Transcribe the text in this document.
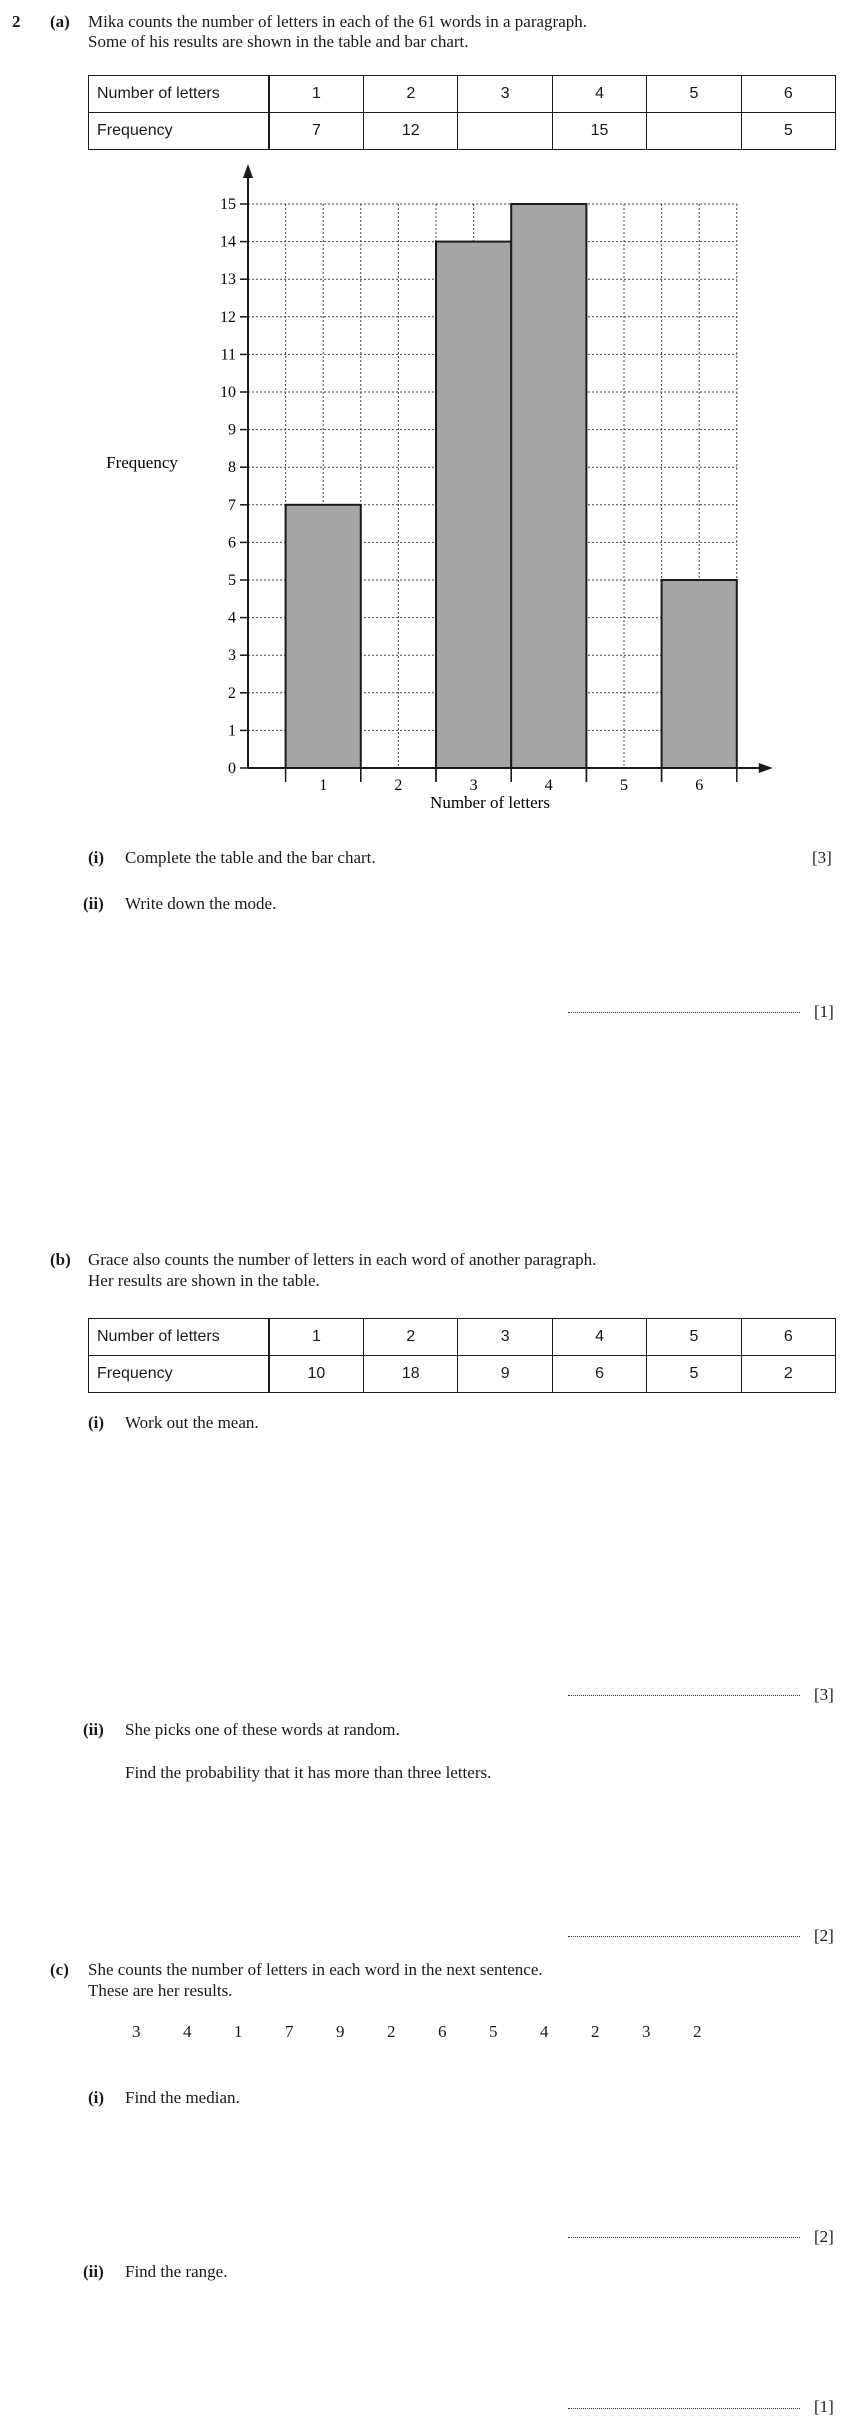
2 (a) Mika counts the number of letters in each of the 61 words in a paragraph.
Some of his results are shown in the table and bar chart.
Number of letters	1	2	3	4	5	6
Frequency	7	12		15		5
1	2	3	4	5	6
0
1
2
3
4
5
6
7
8
9
10
11
12
13
14
15
Frequency
Number of letters
(i) Complete the table and the bar chart.	[3]
(ii) Write down the mode.
[1]
(b) Grace also counts the number of letters in each word of another paragraph.
Her results are shown in the table.
Number of letters	1	2	3	4	5	6
Frequency	10	18	9	6	5	2
(i) Work out the mean.
[3]
(ii) She picks one of these words at random.
Find the probability that it has more than three letters.
[2]
(c) She counts the number of letters in each word in the next sentence.
These are her results.
3	4	1	7	9	2	6	5	4	2	3	2
(i) Find the median.
[2]
(ii) Find the range.
[1]
